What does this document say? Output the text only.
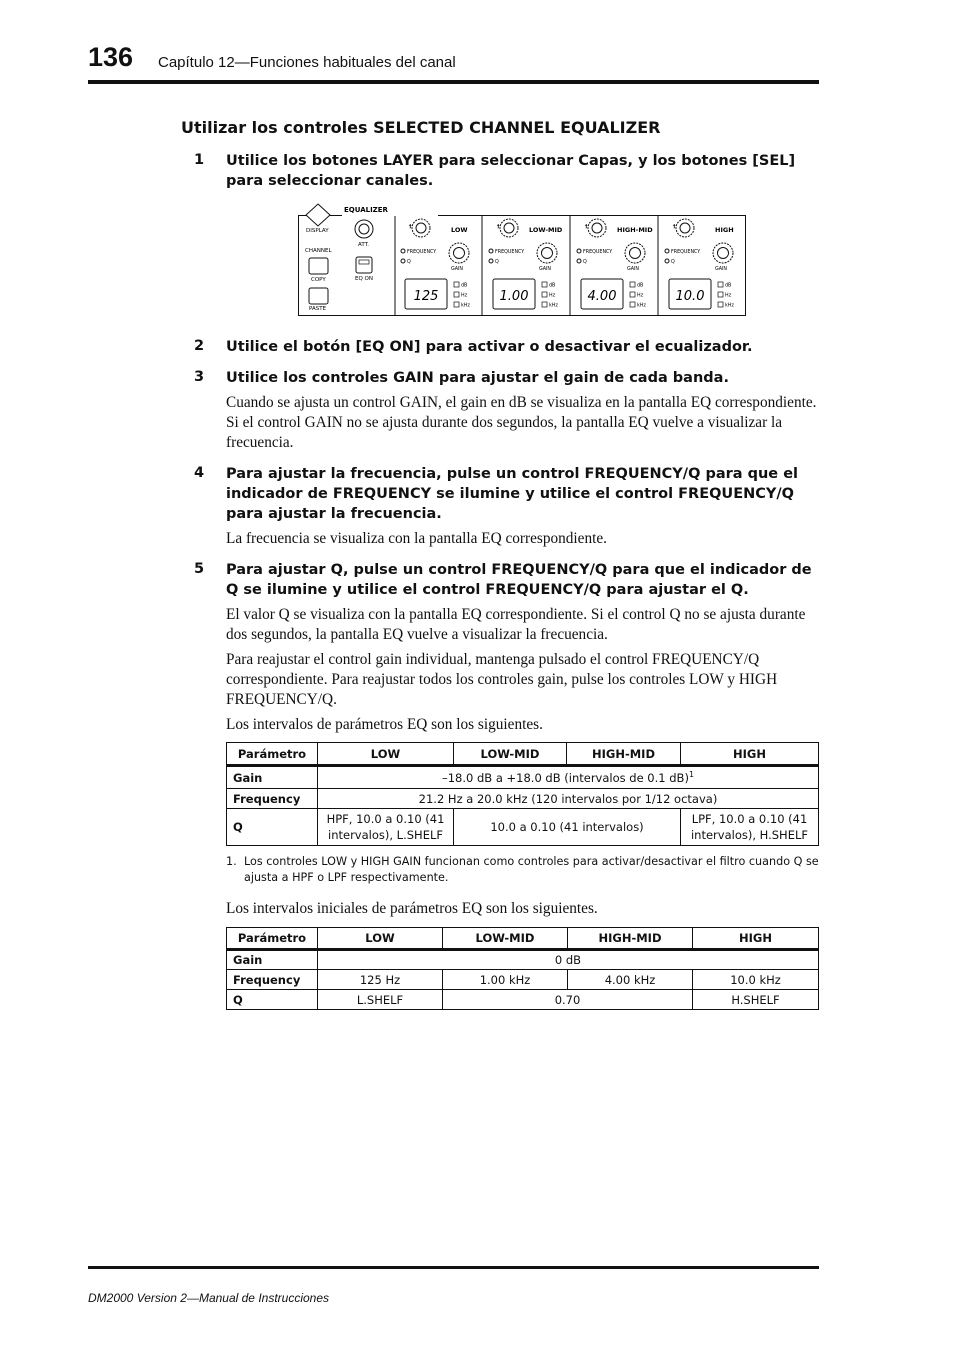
136 Capítulo 12—Funciones habituales del canal
Utilizar los controles SELECTED CHANNEL EQUALIZER
1 Utilice los botones LAYER para seleccionar Capas, y los botones [SEL] para seleccionar canales.
EQUALIZER
DISPLAY
CHANNEL
COPY
PASTE
ATT.
EQ ON
†	LOW
FREQUENCY
Q
GAIN
125
dB
Hz
kHz
†	LOW-MID
FREQUENCY
Q
GAIN
1.00
dB
Hz
kHz
†	HIGH-MID
FREQUENCY
Q
GAIN
4.00
dB
Hz
kHz
†	HIGH
FREQUENCY
Q
GAIN
10.0
dB
Hz
kHz
2 Utilice el botón [EQ ON] para activar o desactivar el ecualizador.
3 Utilice los controles GAIN para ajustar el gain de cada banda.
Cuando se ajusta un control GAIN, el gain en dB se visualiza en la pantalla EQ correspondiente. Si el control GAIN no se ajusta durante dos segundos, la pantalla EQ vuelve a visualizar la frecuencia.
4 Para ajustar la frecuencia, pulse un control FREQUENCY/Q para que el indicador de FREQUENCY se ilumine y utilice el control FREQUENCY/Q para ajustar la frecuencia.
La frecuencia se visualiza con la pantalla EQ correspondiente.
5 Para ajustar Q, pulse un control FREQUENCY/Q para que el indicador de Q se ilumine y utilice el control FREQUENCY/Q para ajustar el Q.
El valor Q se visualiza con la pantalla EQ correspondiente. Si el control Q no se ajusta durante dos segundos, la pantalla EQ vuelve a visualizar la frecuencia.
Para reajustar el control gain individual, mantenga pulsado el control FREQUENCY/Q correspondiente. Para reajustar todos los controles gain, pulse los controles LOW y HIGH FREQUENCY/Q.
Los intervalos de parámetros EQ son los siguientes.
Parámetro	LOW	LOW-MID	HIGH-MID	HIGH
Gain	–18.0 dB a +18.0 dB (intervalos de 0.1 dB)$^1$
Frequency	21.2 Hz a 20.0 kHz (120 intervalos por 1/12 octava)			
Q	HPF, 10.0 a 0.10 (41 intervalos), L.SHELF	10.0 a 0.10 (41 intervalos)		LPF, 10.0 a 0.10 (41 intervalos), H.SHELF
1. Los controles LOW y HIGH GAIN funcionan como controles para activar/desactivar el filtro cuando Q se ajusta a HPF o LPF respectivamente.
Los intervalos iniciales de parámetros EQ son los siguientes.
Parámetro	LOW	LOW-MID	HIGH-MID	HIGH
Gain	0 dB			
Frequency	125 Hz	1.00 kHz	4.00 kHz	10.0 kHz
Q	L.SHELF	0.70		H.SHELF
DM2000 Version 2—Manual de Instrucciones
